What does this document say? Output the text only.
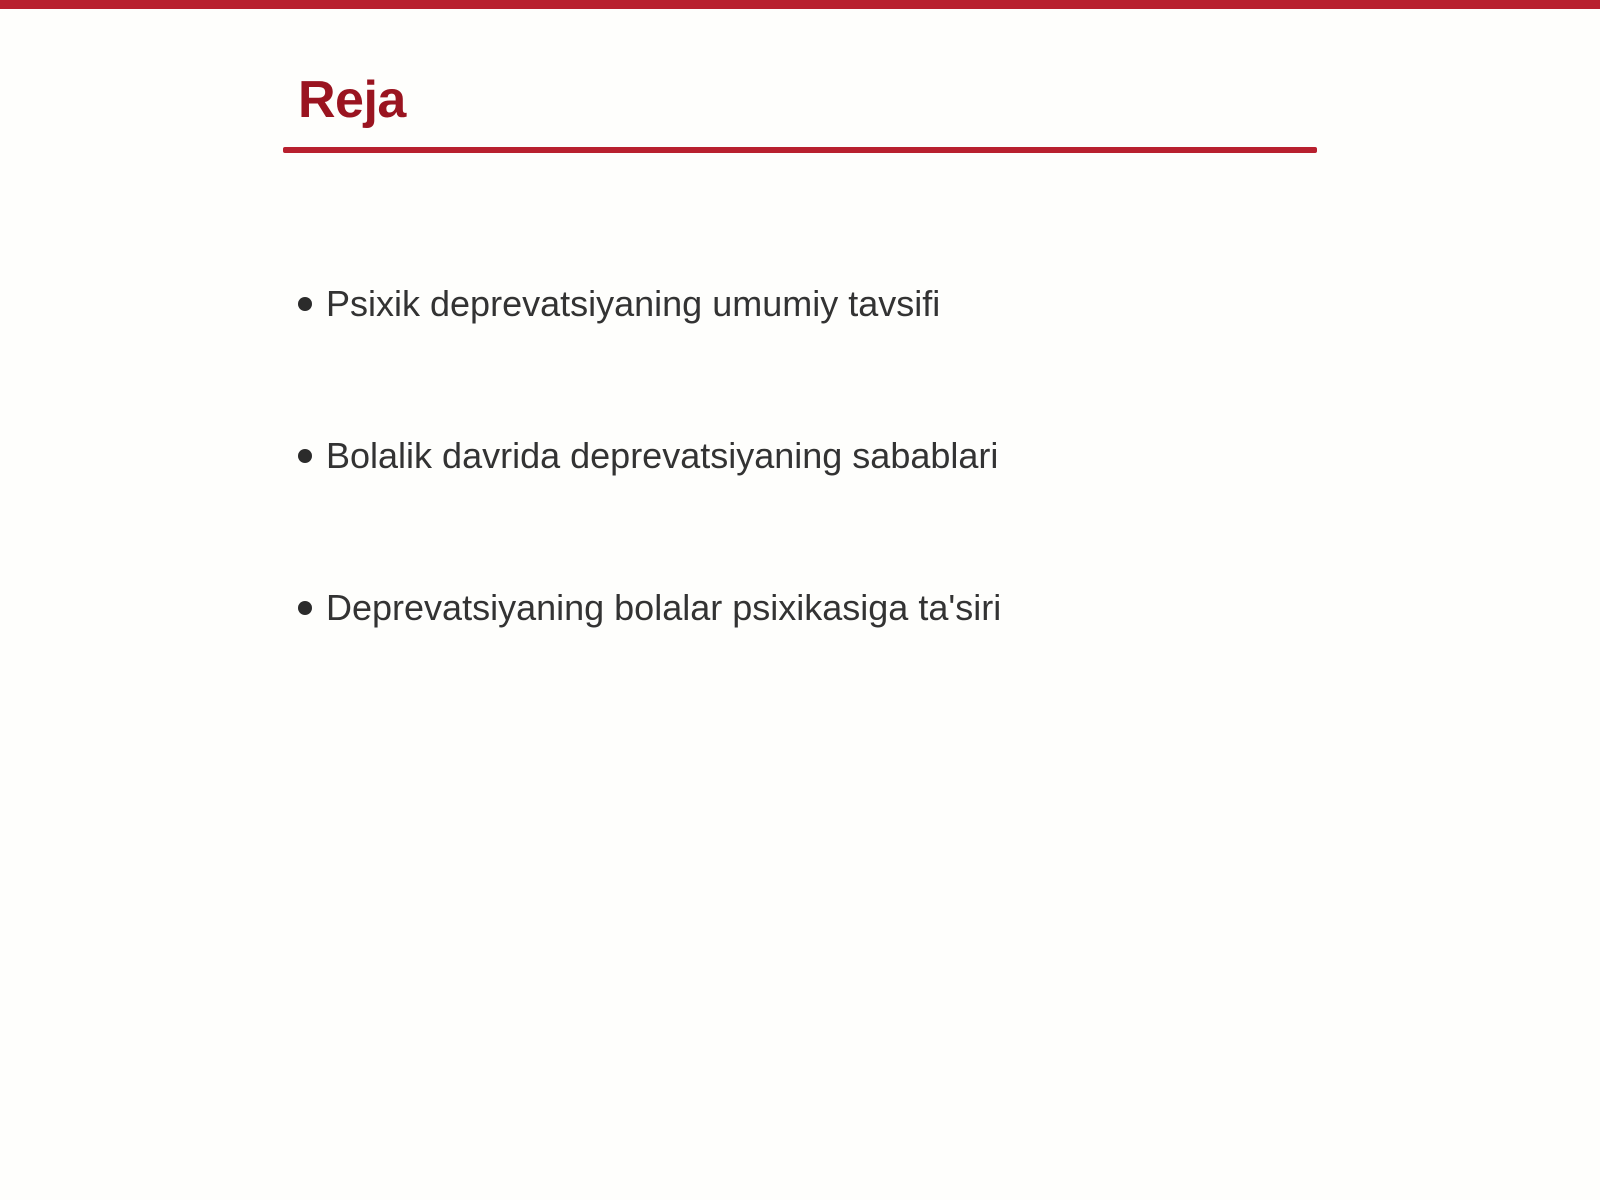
Reja
Psixik deprevatsiyaning umumiy tavsifi
Bolalik davrida deprevatsiyaning sabablari
Deprevatsiyaning bolalar psixikasiga ta'siri
